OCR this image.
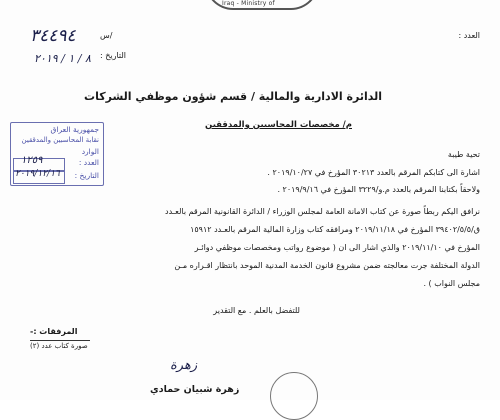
Iraq - Ministry of
العدد :
س/
٣٤٤٩٤
التاريخ :
٨ / ١ / ٢٠١٩
الدائرة الادارية والمالية / قسم شؤون موظفي الشركات
م/ مخصصات المحاسبين والمدققين
جمهورية العراق
نقابة المحاسبين والمدققين
الوارد
العدد :
١٢٥٩
التاريخ :
٢٠١٩/١٢/١٦
تحية طيبة
اشارة الى كتابكم المرقم بالعدد ٣٠٢١٣ المؤرخ في ٢٠١٩/١٠/٢٧ .
ولاحقاً بكتابنا المرقم بالعدد م.و/٣٢٢٩ المؤرخ في ٢٠١٩/٩/١٦ .
نرافق اليكم ربطاً صورة عن كتاب الامانة العامة لمجلس الوزراء / الدائرة القانونية المرقم بالعـدد
ق/٣٩٤٠٢/٥/٥ المؤرخ في ٢٠١٩/١١/١٨ ومرافقه كتاب وزارة المالية المرقم بالعـدد ١٥٩١٢
المؤرخ في ٢٠١٩/١١/١٠ والذي اشار الى ان ( موضوع رواتب ومخصصات موظفي دوائـر
الدولة المختلفة جرت معالجته ضمن مشروع قانون الخدمة المدنية الموحد بانتظار اقـراره مـن
مجلس النواب ) .
للتفضل بالعلم . مع التقدير
المرفقات :-
صورة كتاب عدد (٢)
زهرة
زهرة شبيان حمادي
